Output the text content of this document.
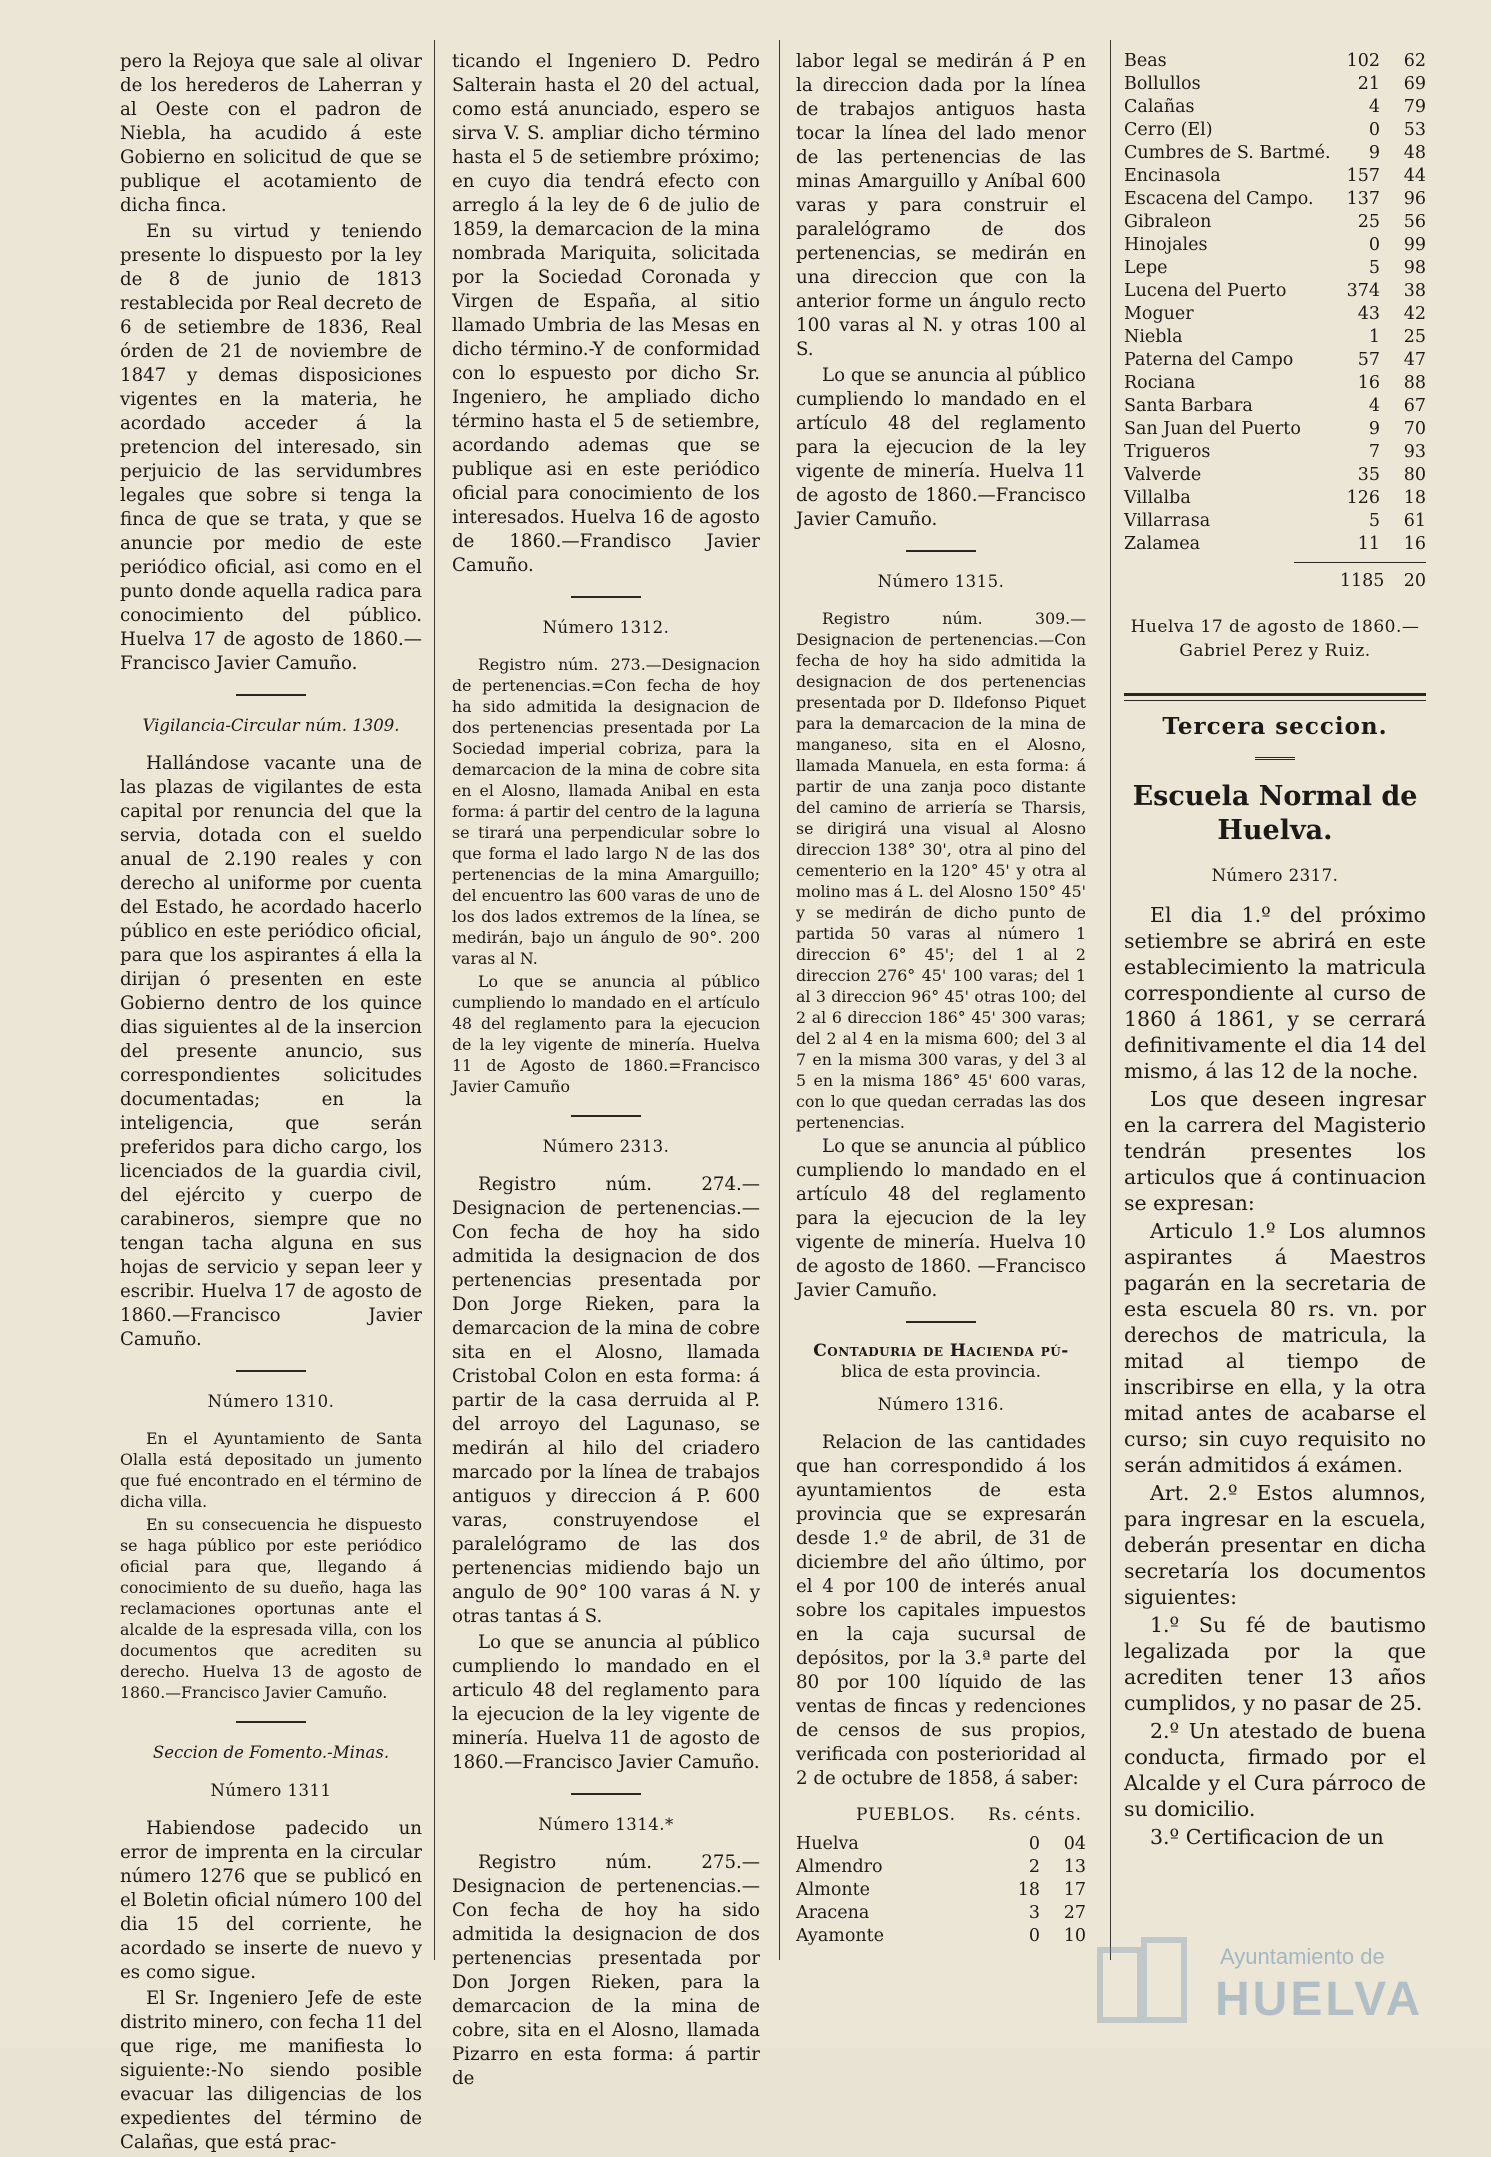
pero la Rejoya que sale al olivar de los herederos de Laherran y al Oeste con el padron de Niebla, ha acudido á este Gobierno en solicitud de que se publique el acotamiento de dicha finca.

En su virtud y teniendo presente lo dispuesto por la ley de 8 de junio de 1813 restablecida por Real decreto de 6 de setiembre de 1836, Real órden de 21 de noviembre de 1847 y demas disposiciones vigentes en la materia, he acordado acceder á la pretencion del interesado, sin perjuicio de las servidumbres legales que sobre si tenga la finca de que se trata, y que se anuncie por medio de este periódico oficial, asi como en el punto donde aquella radica para conocimiento del público. Huelva 17 de agosto de 1860.—Francisco Javier Camuño.

Vigilancia-Circular núm. 1309.

Hallándose vacante una de las plazas de vigilantes de esta capital por renuncia del que la servia, dotada con el sueldo anual de 2.190 reales y con derecho al uniforme por cuenta del Estado, he acordado hacerlo público en este periódico oficial, para que los aspirantes á ella la dirijan ó presenten en este Gobierno dentro de los quince dias siguientes al de la insercion del presente anuncio, sus correspondientes solicitudes documentadas; en la inteligencia, que serán preferidos para dicho cargo, los licenciados de la guardia civil, del ejército y cuerpo de carabineros, siempre que no tengan tacha alguna en sus hojas de servicio y sepan leer y escribir. Huelva 17 de agosto de 1860.—Francisco Javier Camuño.

Número 1310.

En el Ayuntamiento de Santa Olalla está depositado un jumento que fué encontrado en el término de dicha villa.

En su consecuencia he dispuesto se haga público por este periódico oficial para que, llegando á conocimiento de su dueño, haga las reclamaciones oportunas ante el alcalde de la espresada villa, con los documentos que acrediten su derecho. Huelva 13 de agosto de 1860.—Francisco Javier Camuño.

Seccion de Fomento.-Minas.

Número 1311

Habiendose padecido un error de imprenta en la circular número 1276 que se publicó en el Boletin oficial número 100 del dia 15 del corriente, he acordado se inserte de nuevo y es como sigue.

El Sr. Ingeniero Jefe de este distrito minero, con fecha 11 del que rige, me manifiesta lo siguiente:-No siendo posible evacuar las diligencias de los expedientes del término de Calañas, que está prac-

ticando el Ingeniero D. Pedro Salterain hasta el 20 del actual, como está anunciado, espero se sirva V. S. ampliar dicho término hasta el 5 de setiembre próximo; en cuyo dia tendrá efecto con arreglo á la ley de 6 de julio de 1859, la demarcacion de la mina nombrada Mariquita, solicitada por la Sociedad Coronada y Virgen de España, al sitio llamado Umbria de las Mesas en dicho término.-Y de conformidad con lo espuesto por dicho Sr. Ingeniero, he ampliado dicho término hasta el 5 de setiembre, acordando ademas que se publique asi en este periódico oficial para conocimiento de los interesados. Huelva 16 de agosto de 1860.—Frandisco Javier Camuño.

Número 1312.

Registro núm. 273.—Designacion de pertenencias.=Con fecha de hoy ha sido admitida la designacion de dos pertenencias presentada por La Sociedad imperial cobriza, para la demarcacion de la mina de cobre sita en el Alosno, llamada Anibal en esta forma: á partir del centro de la laguna se tirará una perpendicular sobre lo que forma el lado largo N de las dos pertenencias de la mina Amarguillo; del encuentro las 600 varas de uno de los dos lados extremos de la línea, se medirán, bajo un ángulo de 90°. 200 varas al N.

Lo que se anuncia al público cumpliendo lo mandado en el artículo 48 del reglamento para la ejecucion de la ley vigente de minería. Huelva 11 de Agosto de 1860.=Francisco Javier Camuño

Número 2313.

Registro núm. 274.—Designacion de pertenencias.—Con fecha de hoy ha sido admitida la designacion de dos pertenencias presentada por Don Jorge Rieken, para la demarcacion de la mina de cobre sita en el Alosno, llamada Cristobal Colon en esta forma: á partir de la casa derruida al P. del arroyo del Lagunaso, se medirán al hilo del criadero marcado por la línea de trabajos antiguos y direccion á P. 600 varas, construyendose el paralelógramo de las dos pertenencias midiendo bajo un angulo de 90° 100 varas á N. y otras tantas á S.

Lo que se anuncia al público cumpliendo lo mandado en el articulo 48 del reglamento para la ejecucion de la ley vigente de minería. Huelva 11 de agosto de 1860.—Francisco Javier Camuño.

Número 1314.*

Registro núm. 275.—Designacion de pertenencias.—Con fecha de hoy ha sido admitida la designacion de dos pertenencias presentada por Don Jorgen Rieken, para la demarcacion de la mina de cobre, sita en el Alosno, llamada Pizarro en esta forma: á partir de

labor legal se medirán á P en la direccion dada por la línea de trabajos antiguos hasta tocar la línea del lado menor de las pertenencias de las minas Amarguillo y Aníbal 600 varas y para construir el paralelógramo de dos pertenencias, se medirán en una direccion que con la anterior forme un ángulo recto 100 varas al N. y otras 100 al S.

Lo que se anuncia al público cumpliendo lo mandado en el artículo 48 del reglamento para la ejecucion de la ley vigente de minería. Huelva 11 de agosto de 1860.—Francisco Javier Camuño.

Número 1315.

Registro núm. 309.—Designacion de pertenencias.—Con fecha de hoy ha sido admitida la designacion de dos pertenencias presentada por D. Ildefonso Piquet para la demarcacion de la mina de manganeso, sita en el Alosno, llamada Manuela, en esta forma: á partir de una zanja poco distante del camino de arriería se Tharsis, se dirigirá una visual al Alosno direccion 138° 30', otra al pino del cementerio en la 120° 45' y otra al molino mas á L. del Alosno 150° 45' y se medirán de dicho punto de partida 50 varas al número 1 direccion 6° 45'; del 1 al 2 direccion 276° 45' 100 varas; del 1 al 3 direccion 96° 45' otras 100; del 2 al 6 direccion 186° 45' 300 varas; del 2 al 4 en la misma 600; del 3 al 7 en la misma 300 varas, y del 3 al 5 en la misma 186° 45' 600 varas, con lo que quedan cerradas las dos pertenencias.

Lo que se anuncia al público cumpliendo lo mandado en el artículo 48 del reglamento para la ejecucion de la ley vigente de minería. Huelva 10 de agosto de 1860. —Francisco Javier Camuño.

Contaduria de Hacienda pú-
blica de esta provincia.

Número 1316.

Relacion de las cantidades que han correspondido á los ayuntamientos de esta provincia que se expresarán desde 1.º de abril, de 31 de diciembre del año último, por el 4 por 100 de interés anual sobre los capitales impuestos en la caja sucursal de depósitos, por la 3.ª parte del 80 por 100 líquido de las ventas de fincas y redenciones de censos de sus propios, verificada con posterioridad al 2 de octubre de 1858, á saber:

PUEBLOS. Rs. cénts.
Huelva	0	04
Almendro	2	13
Almonte	18	17
Aracena	3	27
Ayamonte	0	10
Beas	102	62
Bollullos	21	69
Calañas	4	79
Cerro (El)	0	53
Cumbres de S. Bartmé.	9	48
Encinasola	157	44
Escacena del Campo.	137	96
Gibraleon	25	56
Hinojales	0	99
Lepe	5	98
Lucena del Puerto	374	38
Moguer	43	42
Niebla	1	25
Paterna del Campo	57	47
Rociana	16	88
Santa Barbara	4	67
San Juan del Puerto	9	70
Trigueros	7	93
Valverde	35	80
Villalba	126	18
Villarrasa	5	61
Zalamea	11	16
1185 20

Huelva 17 de agosto de 1860.—Gabriel Perez y Ruiz.

Tercera seccion.
Escuela Normal de Huelva.

Número 2317.

El dia 1.º del próximo setiembre se abrirá en este establecimiento la matricula correspondiente al curso de 1860 á 1861, y se cerrará definitivamente el dia 14 del mismo, á las 12 de la noche.

Los que deseen ingresar en la carrera del Magisterio tendrán presentes los articulos que á continuacion se expresan:

Articulo 1.º Los alumnos aspirantes á Maestros pagarán en la secretaria de esta escuela 80 rs. vn. por derechos de matricula, la mitad al tiempo de inscribirse en ella, y la otra mitad antes de acabarse el curso; sin cuyo requisito no serán admitidos á exámen.

Art. 2.º Estos alumnos, para ingresar en la escuela, deberán presentar en dicha secretaría los documentos siguientes:

1.º Su fé de bautismo legalizada por la que acrediten tener 13 años cumplidos, y no pasar de 25.

2.º Un atestado de buena conducta, firmado por el Alcalde y el Cura párroco de su domicilio.

3.º Certificacion de un

Ayuntamiento de
HUELVA
